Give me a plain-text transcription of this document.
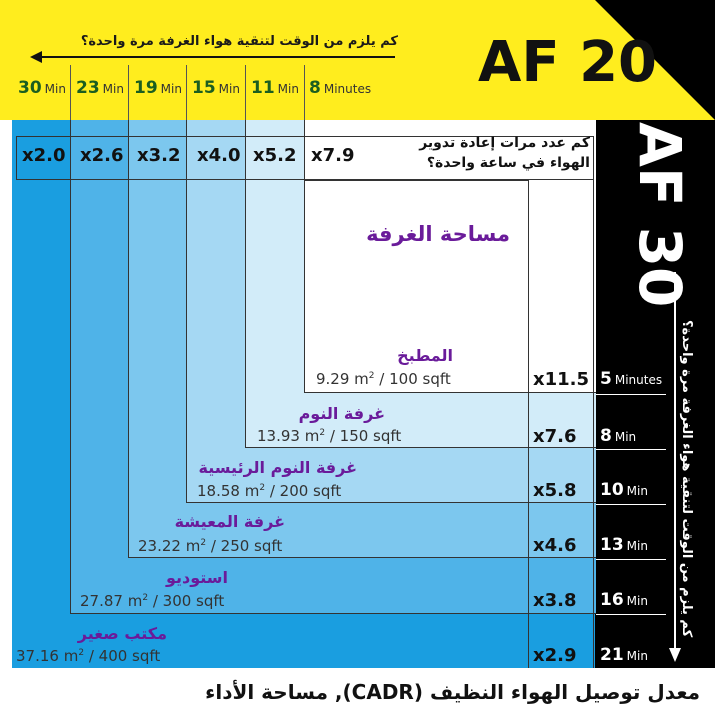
AF 20
AF 30
كم يلزم من الوقت لتنقية هواء الغرفة مرة واحدة؟
30 Min 23 Min 19 Min 15 Min 11 Min 8 Minutes
x2.0 x2.6 x3.2 x4.0 x5.2 x7.9
كم عدد مرات إعادة تدوير الهواء في ساعة واحدة؟
مساحة الغرفة
المطبخ
9.29 $m^2 / 100$ sqft	x11.5 5 Minutes
غرفة النوم
13.93 $m^2 / 150$ sqft	x7.6 8 Min
غرفة النوم الرئيسية
18.58 $m^2 / 200$ sqft	x5.8 10 Min
غرفة المعيشة
23.22 $m^2 / 250$ sqft	x4.6 13 Min
استوديو
27.87 $m^2 / 300$ sqft	x3.8 16 Min
مكتب صغير
37.16 $m^2 / 400$ sqft	x2.9 21 Min
كم يلزم من الوقت لتنقية هواء الغرفة مرة واحدة؟
معدل توصيل الهواء النظيف (CADR), مساحة الأداء
